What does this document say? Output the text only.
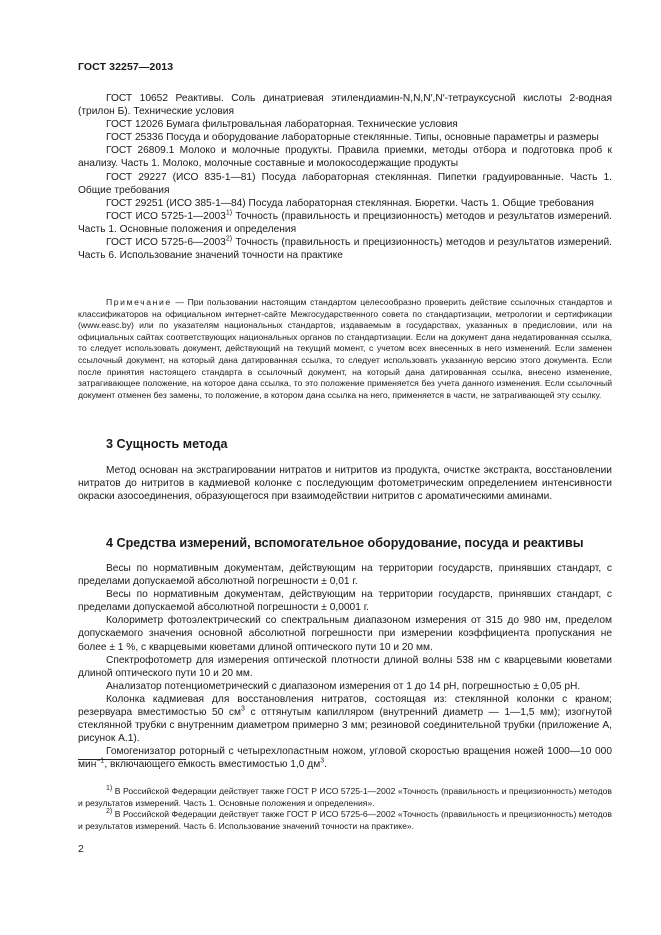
ГОСТ 32257—2013

ГОСТ 10652 Реактивы. Соль динатриевая этилендиамин-N,N,N′,N′-тетрауксусной кислоты 2-водная (трилон Б). Технические условия

ГОСТ 12026 Бумага фильтровальная лабораторная. Технические условия

ГОСТ 25336 Посуда и оборудование лабораторные стеклянные. Типы, основные параметры и размеры

ГОСТ 26809.1 Молоко и молочные продукты. Правила приемки, методы отбора и подготовка проб к анализу. Часть 1. Молоко, молочные составные и молокосодержащие продукты

ГОСТ 29227 (ИСО 835-1—81) Посуда лабораторная стеклянная. Пипетки градуированные. Часть 1. Общие требования

ГОСТ 29251 (ИСО 385-1—84) Посуда лабораторная стеклянная. Бюретки. Часть 1. Общие требования

ГОСТ ИСО 5725-1—2003$^{1)}$ Точность (правильность и прецизионность) методов и результатов измерений. Часть 1. Основные положения и определения

ГОСТ ИСО 5725-6—2003$^{2)}$ Точность (правильность и прецизионность) методов и результатов измерений. Часть 6. Использование значений точности на практике

Примечание — При пользовании настоящим стандартом целесообразно проверить действие ссылочных стандартов и классификаторов на официальном интернет-сайте Межгосударственного совета по стандартизации, метрологии и сертификации (www.easc.by) или по указателям национальных стандартов, издаваемым в государствах, указанных в предисловии, или на официальных сайтах соответствующих национальных органов по стандартизации. Если на документ дана недатированная ссылка, то следует использовать документ, действующий на текущий момент, с учетом всех внесенных в него изменений. Если заменен ссылочный документ, на который дана датированная ссылка, то следует использовать указанную версию этого документа. Если после принятия настоящего стандарта в ссылочный документ, на который дана датированная ссылка, внесено изменение, затрагивающее положение, на которое дана ссылка, то это положение применяется без учета данного изменения. Если ссылочный документ отменен без замены, то положение, в котором дана ссылка на него, применяется в части, не затрагивающей эту ссылку.
3 Сущность метода

Метод основан на экстрагировании нитратов и нитритов из продукта, очистке экстракта, восстановлении нитратов до нитритов в кадмиевой колонке с последующим фотометрическим определением интенсивности окраски азосоединения, образующегося при взаимодействии нитритов с ароматическими аминами.

4 Средства измерений, вспомогательное оборудование, посуда и реактивы

Весы по нормативным документам, действующим на территории государств, принявших стандарт, с пределами допускаемой абсолютной погрешности ± 0,01 г.

Весы по нормативным документам, действующим на территории государств, принявших стандарт, с пределами допускаемой абсолютной погрешности ± 0,0001 г.

Колориметр фотоэлектрический со спектральным диапазоном измерения от 315 до 980 нм, пределом допускаемого значения основной абсолютной погрешности при измерении коэффициента пропускания не более ± 1 %, с кварцевыми кюветами длиной оптического пути 10 и 20 мм.

Спектрофотометр для измерения оптической плотности длиной волны 538 нм с кварцевыми кюветами длиной оптического пути 10 и 20 мм.

Анализатор потенциометрический с диапазоном измерения от 1 до 14 pH, погрешностью ± 0,05 pH.

Колонка кадмиевая для восстановления нитратов, состоящая из: стеклянной колонки с краном; резервуара вместимостью 50 $см^3$ с оттянутым капилляром (внутренний диаметр — 1—1,5 мм); изогнутой стеклянной трубки с внутренним диаметром примерно 3 мм; резиновой соединительной трубки (приложение А, рисунок А.1).

Гомогенизатор роторный с четырехлопастным ножом, угловой скоростью вращения ножей 1000—10 000 мин$^{-1}$, включающего емкость вместимостью 1,0 $дм^3$.

$^{1)}$ В Российской Федерации действует также ГОСТ Р ИСО 5725-1—2002 «Точность (правильность и прецизионность) методов и результатов измерений. Часть 1. Основные положения и определения».

$^{2)}$ В Российской Федерации действует также ГОСТ Р ИСО 5725-6—2002 «Точность (правильность и прецизионность) методов и результатов измерений. Часть 6. Использование значений точности на практике».

2
